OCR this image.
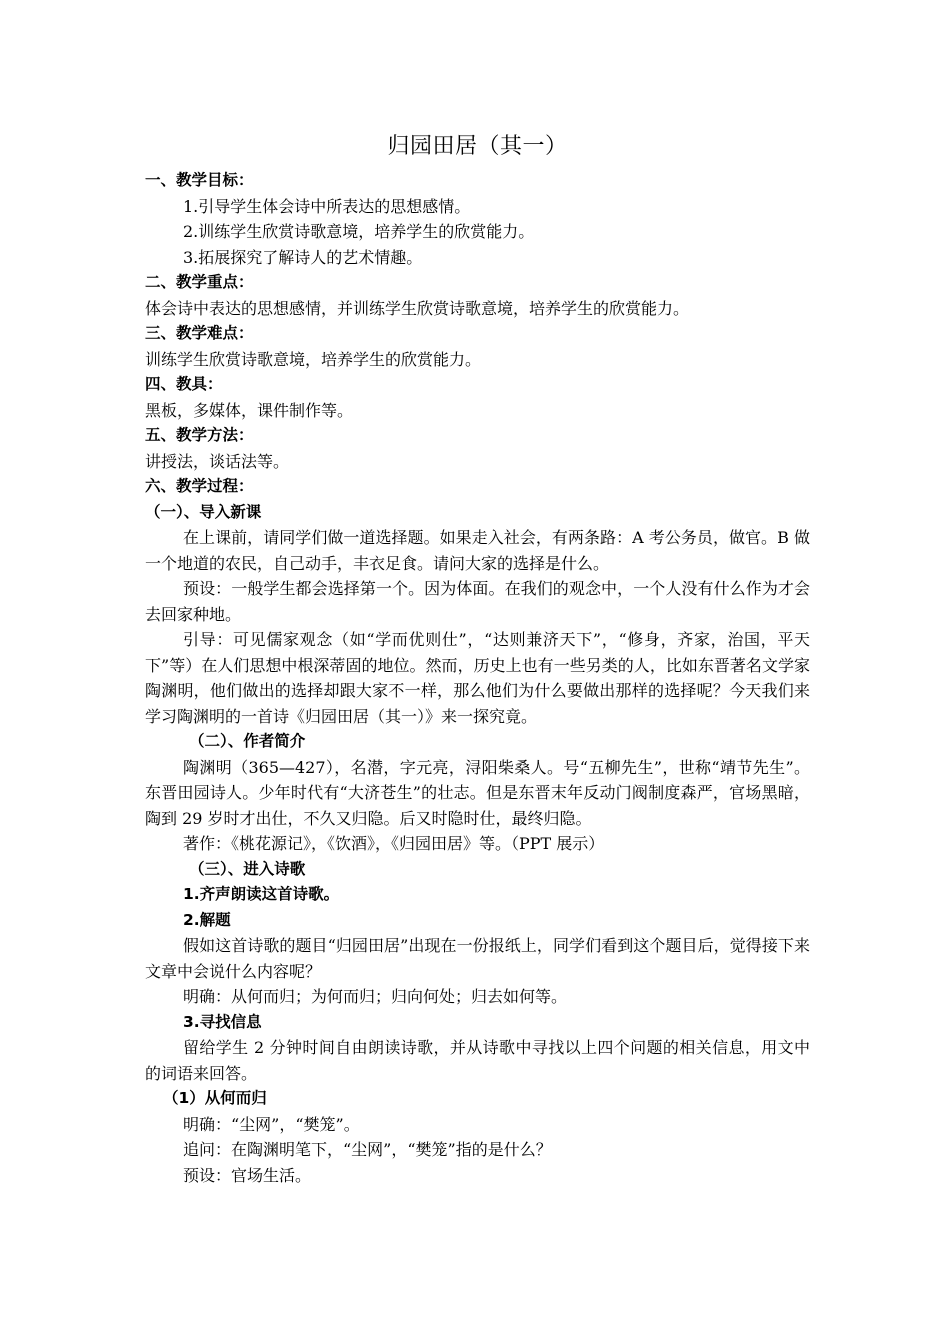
归园田居（其一）
一、教学目标：
1.引导学生体会诗中所表达的思想感情。
2.训练学生欣赏诗歌意境，培养学生的欣赏能力。
3.拓展探究了解诗人的艺术情趣。
二、教学重点：
体会诗中表达的思想感情，并训练学生欣赏诗歌意境，培养学生的欣赏能力。
三、教学难点：
训练学生欣赏诗歌意境，培养学生的欣赏能力。
四、教具：
黑板，多媒体，课件制作等。
五、教学方法：
讲授法，谈话法等。
六、教学过程：
（一）、导入新课
在上课前，请同学们做一道选择题。如果走入社会，有两条路：A 考公务员，做官。B 做一个地道的农民，自己动手，丰衣足食。请问大家的选择是什么。
预设：一般学生都会选择第一个。因为体面。在我们的观念中，一个人没有什么作为才会去回家种地。
引导：可见儒家观念（如“学而优则仕”，“达则兼济天下”，“修身，齐家，治国，平天下”等）在人们思想中根深蒂固的地位。然而，历史上也有一些另类的人，比如东晋著名文学家陶渊明，他们做出的选择却跟大家不一样，那么他们为什么要做出那样的选择呢？今天我们来学习陶渊明的一首诗《归园田居（其一）》来一探究竟。
（二）、作者简介
陶渊明（365—427），名潜，字元亮，浔阳柴桑人。号“五柳先生”，世称“靖节先生”。东晋田园诗人。少年时代有“大济苍生”的壮志。但是东晋末年反动门阀制度森严，官场黑暗，陶到 29 岁时才出仕，不久又归隐。后又时隐时仕，最终归隐。
著作：《桃花源记》，《饮酒》，《归园田居》等。（PPT 展示）
（三）、进入诗歌
1.齐声朗读这首诗歌。
2.解题
假如这首诗歌的题目“归园田居”出现在一份报纸上，同学们看到这个题目后，觉得接下来文章中会说什么内容呢？
明确：从何而归；为何而归；归向何处；归去如何等。
3.寻找信息
留给学生 2 分钟时间自由朗读诗歌，并从诗歌中寻找以上四个问题的相关信息，用文中的词语来回答。
（1）从何而归
明确：“尘网”，“樊笼”。
追问：在陶渊明笔下，“尘网”，“樊笼”指的是什么？
预设：官场生活。
